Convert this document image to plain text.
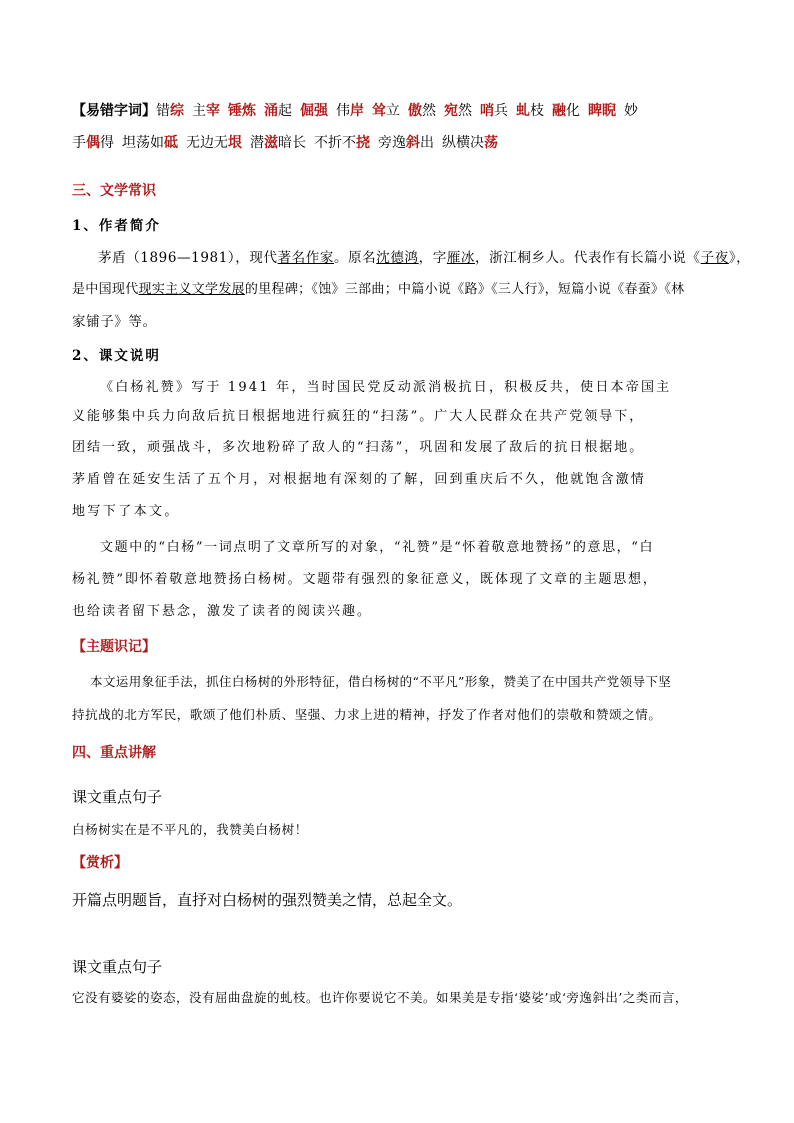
【易错字词】错综 主宰 锤炼 涌起 倔强 伟岸 耸立 傲然 宛然 哨兵 虬枝 融化 睥睨 妙
手偶得 坦荡如砥 无边无垠 潜滋暗长 不折不挠 旁逸斜出 纵横决荡
三、文学常识
1、作者简介
茅盾（1896—1981），现代著名作家。原名沈德鸿，字雁冰，浙江桐乡人。代表作有长篇小说《子夜》，
是中国现代现实主义文学发展的里程碑；《蚀》三部曲；中篇小说《路》《三人行》，短篇小说《春蚕》《林
家铺子》等。
2、课文说明
《白杨礼赞》写于 1941 年，当时国民党反动派消极抗日，积极反共，使日本帝国主
义能够集中兵力向敌后抗日根据地进行疯狂的“扫荡”。广大人民群众在共产党领导下，
团结一致，顽强战斗，多次地粉碎了敌人的“扫荡”，巩固和发展了敌后的抗日根据地。
茅盾曾在延安生活了五个月，对根据地有深刻的了解，回到重庆后不久，他就饱含激情
地写下了本文。
文题中的“白杨”一词点明了文章所写的对象，“礼赞”是“怀着敬意地赞扬”的意思，“白
杨礼赞”即怀着敬意地赞扬白杨树。文题带有强烈的象征意义，既体现了文章的主题思想，
也给读者留下悬念，激发了读者的阅读兴趣。
【主题识记】
本文运用象征手法，抓住白杨树的外形特征，借白杨树的“不平凡”形象，赞美了在中国共产党领导下坚
持抗战的北方军民，歌颂了他们朴质、坚强、力求上进的精神，抒发了作者对他们的崇敬和赞颂之情。
四、重点讲解
课文重点句子
白杨树实在是不平凡的，我赞美白杨树！
【赏析】
开篇点明题旨，直抒对白杨树的强烈赞美之情，总起全文。
课文重点句子
它没有婆娑的姿态，没有屈曲盘旋的虬枝。也许你要说它不美。如果美是专指‘婆娑’或‘旁逸斜出’之类而言，
